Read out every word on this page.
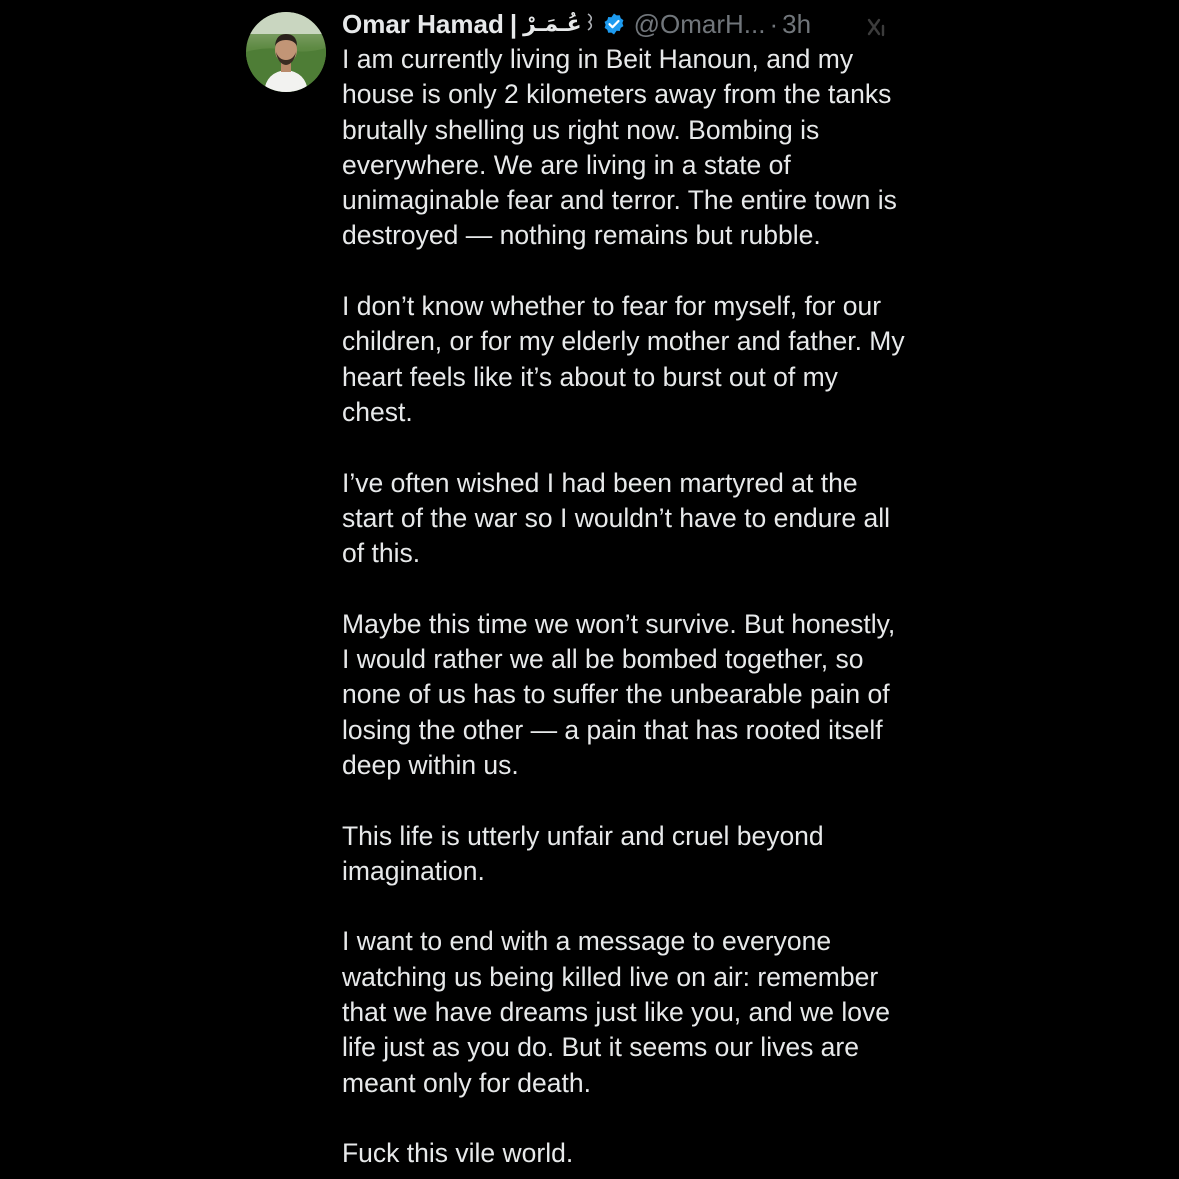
Omar Hamad | عُـمَـرْ @OmarH... · 3h

I am currently living in Beit Hanoun, and my
house is only 2 kilometers away from the tanks
brutally shelling us right now. Bombing is
everywhere. We are living in a state of
unimaginable fear and terror. The entire town is
destroyed — nothing remains but rubble.

I don’t know whether to fear for myself, for our
children, or for my elderly mother and father. My
heart feels like it’s about to burst out of my
chest.

I’ve often wished I had been martyred at the
start of the war so I wouldn’t have to endure all
of this.

Maybe this time we won’t survive. But honestly,
I would rather we all be bombed together, so
none of us has to suffer the unbearable pain of
losing the other — a pain that has rooted itself
deep within us.

This life is utterly unfair and cruel beyond
imagination.

I want to end with a message to everyone
watching us being killed live on air: remember
that we have dreams just like you, and we love
life just as you do. But it seems our lives are
meant only for death.

Fuck this vile world.
